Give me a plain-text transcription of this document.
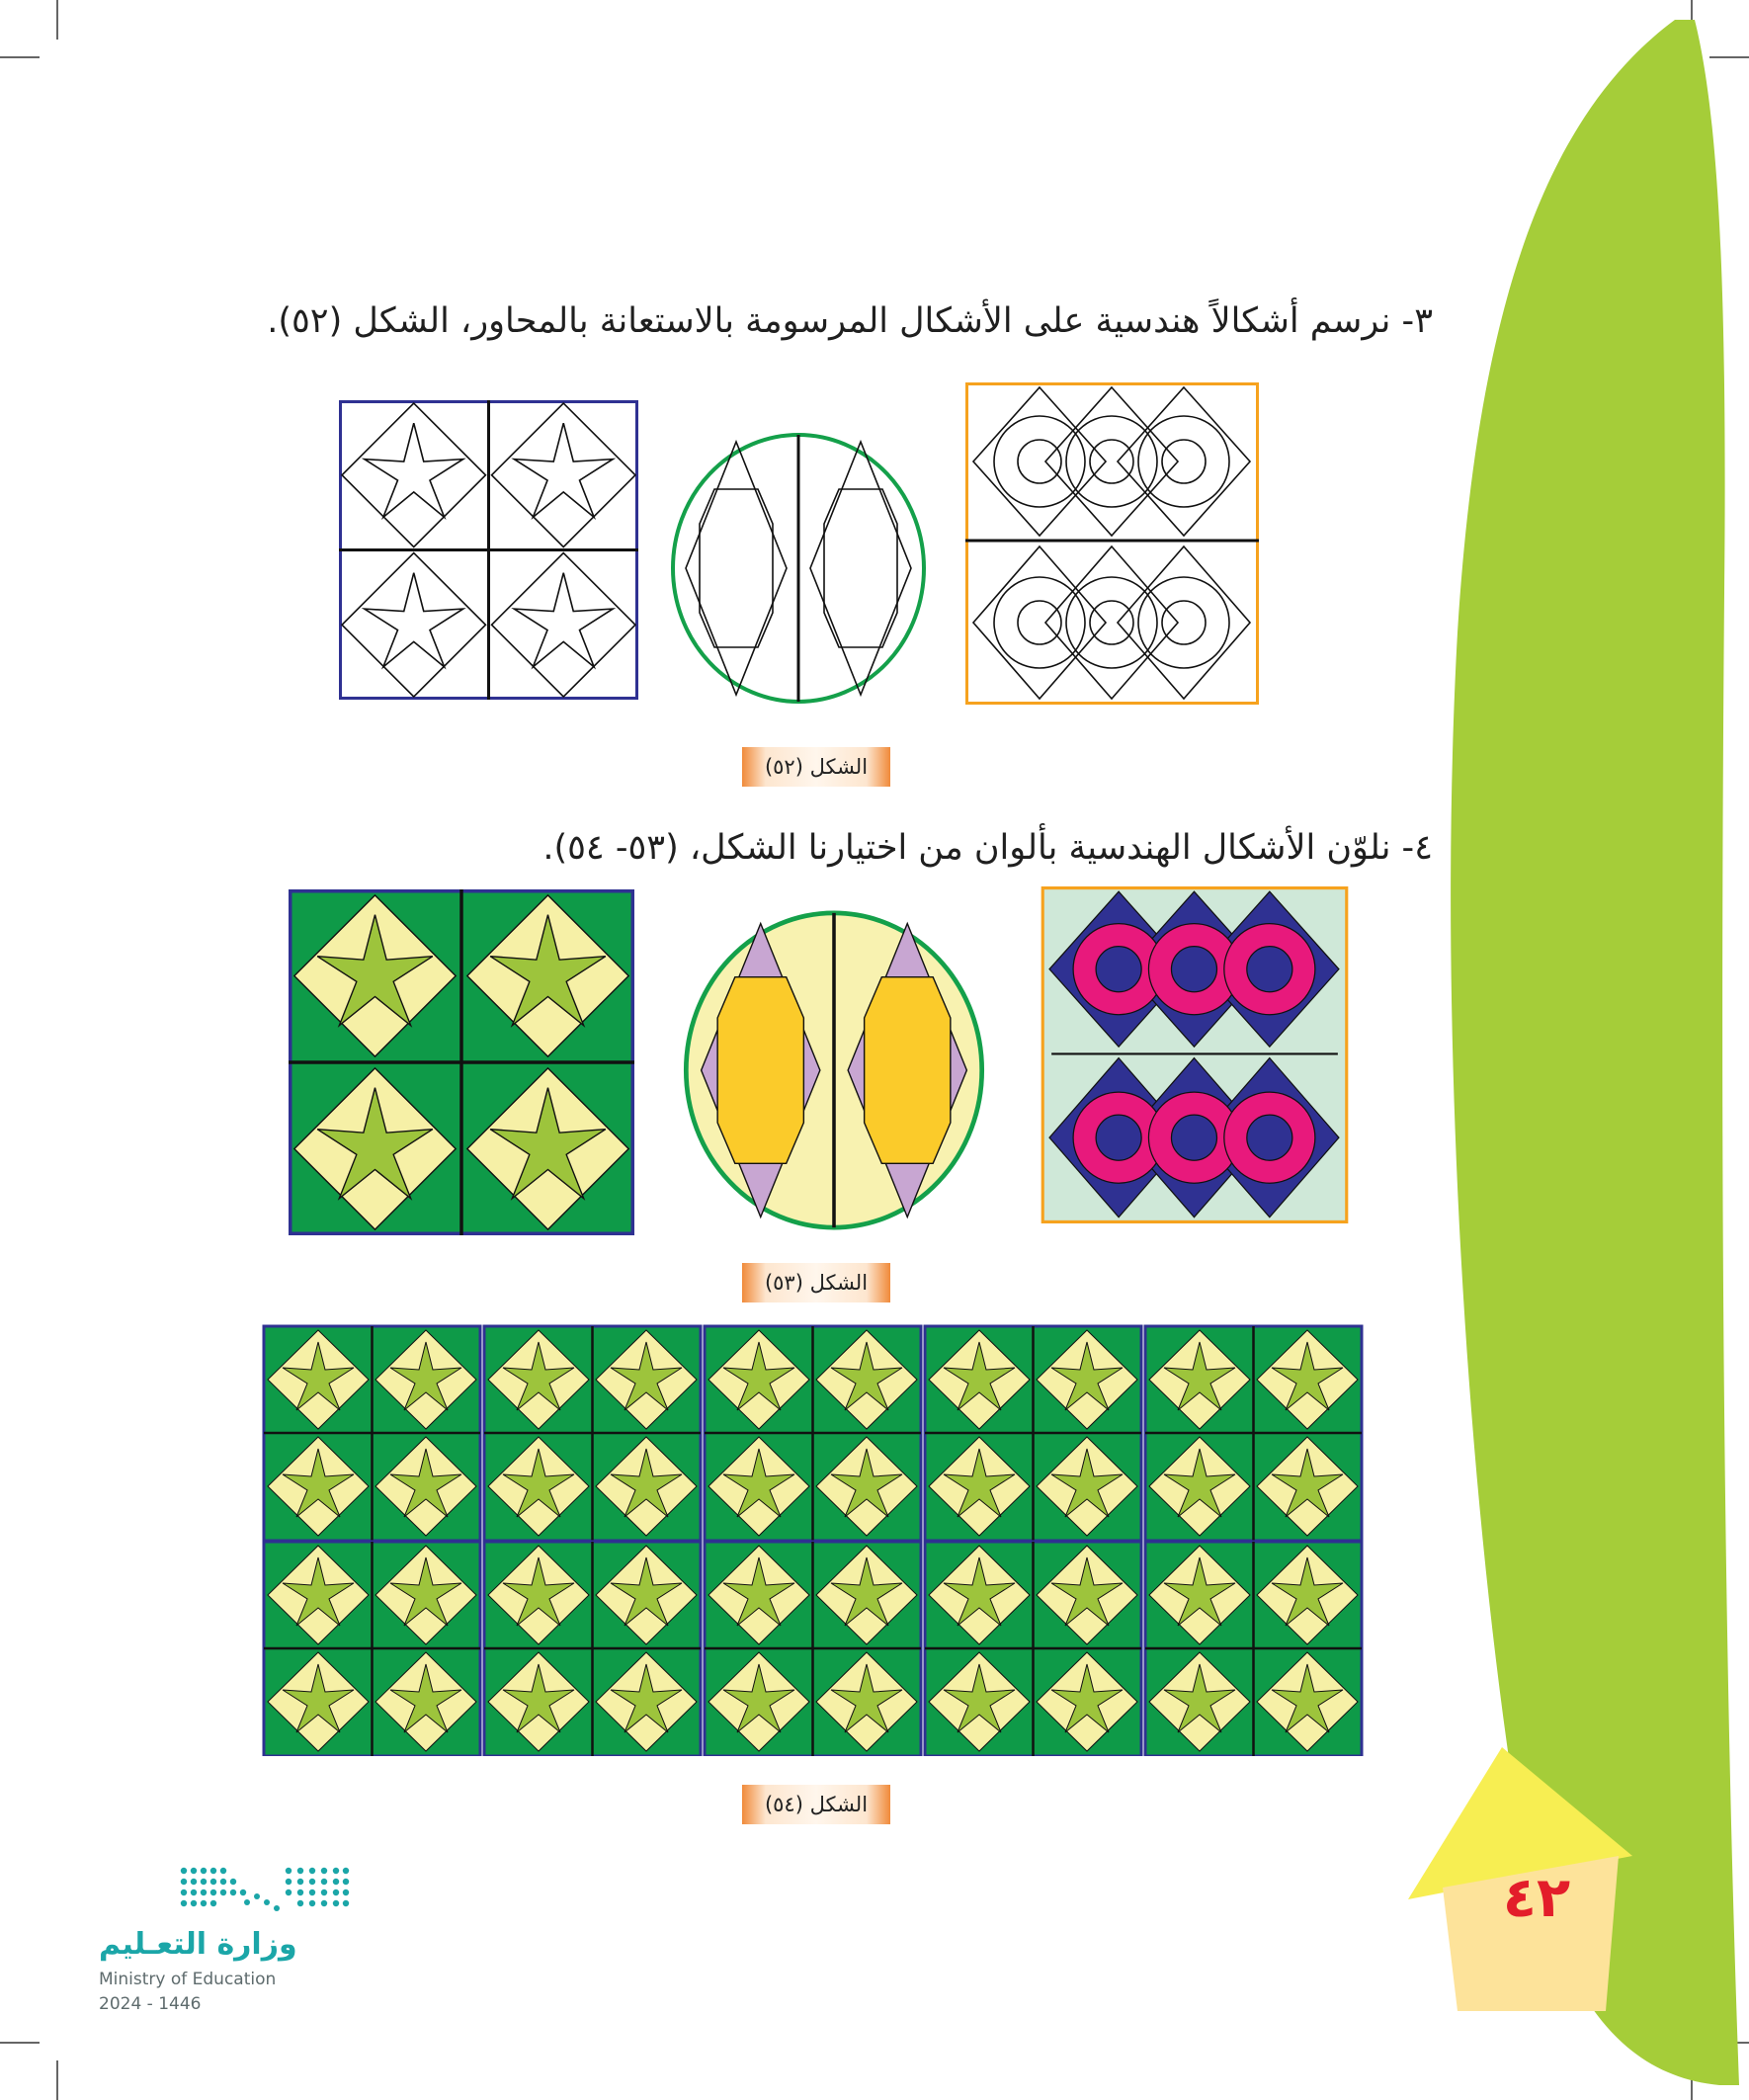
٤٢
٣- نرسم أشكالاً هندسية على الأشكال المرسومة بالاستعانة بالمحاور، الشكل (٥٢).
الشكل (٥٢)
٤- نلوّن الأشكال الهندسية بألوان من اختيارنا الشكل، (٥٣- ٥٤).
الشكل (٥٣)
الشكل (٥٤)
وزارة التعـليم
Ministry of Education
2024 - 1446
